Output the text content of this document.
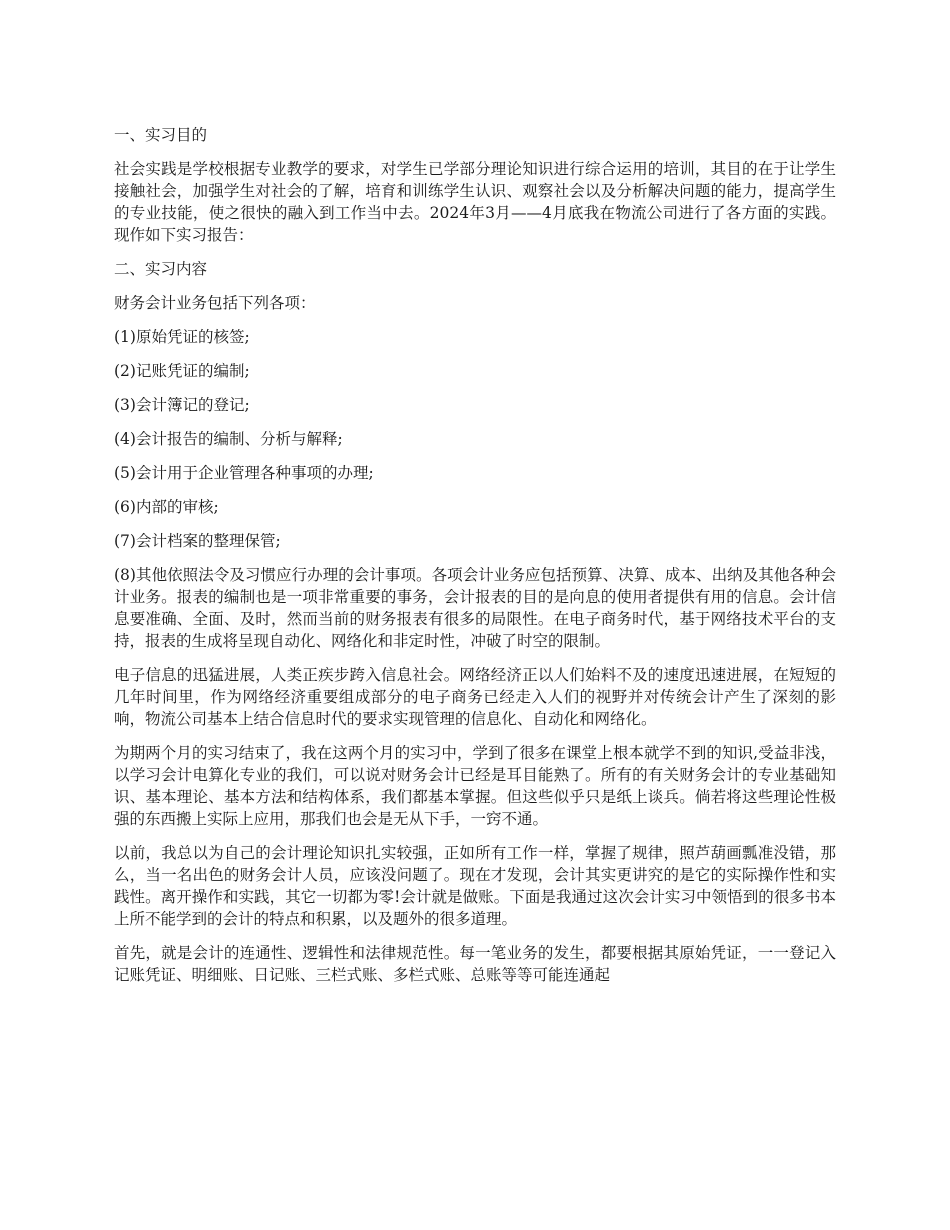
一、实习目的

社会实践是学校根据专业教学的要求，对学生已学部分理论知识进行综合运用的培训，其目的在于让学生接触社会，加强学生对社会的了解，培育和训练学生认识、观察社会以及分析解决问题的能力，提高学生的专业技能，使之很快的融入到工作当中去。2024年3月——4月底我在物流公司进行了各方面的实践。现作如下实习报告：

二、实习内容

财务会计业务包括下列各项：

(1)原始凭证的核签;

(2)记账凭证的编制;

(3)会计簿记的登记;

(4)会计报告的编制、分析与解释;

(5)会计用于企业管理各种事项的办理;

(6)内部的审核;

(7)会计档案的整理保管;

(8)其他依照法令及习惯应行办理的会计事项。各项会计业务应包括预算、决算、成本、出纳及其他各种会计业务。报表的编制也是一项非常重要的事务，会计报表的目的是向息的使用者提供有用的信息。会计信息要准确、全面、及时，然而当前的财务报表有很多的局限性。在电子商务时代，基于网络技术平台的支持，报表的生成将呈现自动化、网络化和非定时性，冲破了时空的限制。

电子信息的迅猛进展，人类正疾步跨入信息社会。网络经济正以人们始料不及的速度迅速进展，在短短的几年时间里，作为网络经济重要组成部分的电子商务已经走入人们的视野并对传统会计产生了深刻的影响，物流公司基本上结合信息时代的要求实现管理的信息化、自动化和网络化。

为期两个月的实习结束了，我在这两个月的实习中，学到了很多在课堂上根本就学不到的知识,受益非浅，以学习会计电算化专业的我们，可以说对财务会计已经是耳目能熟了。所有的有关财务会计的专业基础知识、基本理论、基本方法和结构体系，我们都基本掌握。但这些似乎只是纸上谈兵。倘若将这些理论性极强的东西搬上实际上应用，那我们也会是无从下手，一窍不通。

以前，我总以为自己的会计理论知识扎实较强，正如所有工作一样，掌握了规律，照芦葫画瓢准没错，那么，当一名出色的财务会计人员，应该没问题了。现在才发现，会计其实更讲究的是它的实际操作性和实践性。离开操作和实践，其它一切都为零!会计就是做账。下面是我通过这次会计实习中领悟到的很多书本上所不能学到的会计的特点和积累，以及题外的很多道理。

首先，就是会计的连通性、逻辑性和法律规范性。每一笔业务的发生，都要根据其原始凭证，一一登记入记账凭证、明细账、日记账、三栏式账、多栏式账、总账等等可能连通起
